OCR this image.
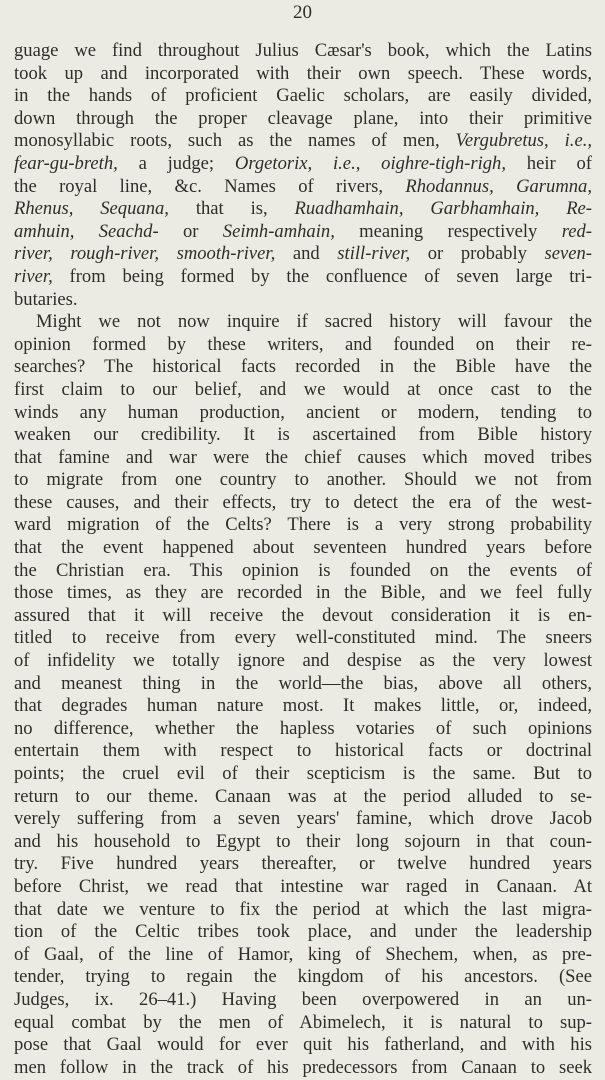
20
guage we find throughout Julius Cæsar's book, which the Latins
took up and incorporated with their own speech. These words,
in the hands of proficient Gaelic scholars, are easily divided,
down through the proper cleavage plane, into their primitive
monosyllabic roots, such as the names of men, Vergubretus, i.e.,
fear-gu-breth, a judge; Orgetorix, i.e., oighre-tigh-righ, heir of
the royal line, &c. Names of rivers, Rhodannus, Garumna,
Rhenus, Sequana, that is, Ruadhamhain, Garbhamhain, Re-
amhuin, Seachd- or Seimh-amhain, meaning respectively red-
river, rough-river, smooth-river, and still-river, or probably seven-
river, from being formed by the confluence of seven large tri-
butaries.
Might we not now inquire if sacred history will favour the
opinion formed by these writers, and founded on their re-
searches? The historical facts recorded in the Bible have the
first claim to our belief, and we would at once cast to the
winds any human production, ancient or modern, tending to
weaken our credibility. It is ascertained from Bible history
that famine and war were the chief causes which moved tribes
to migrate from one country to another. Should we not from
these causes, and their effects, try to detect the era of the west-
ward migration of the Celts? There is a very strong probability
that the event happened about seventeen hundred years before
the Christian era. This opinion is founded on the events of
those times, as they are recorded in the Bible, and we feel fully
assured that it will receive the devout consideration it is en-
titled to receive from every well-constituted mind. The sneers
of infidelity we totally ignore and despise as the very lowest
and meanest thing in the world—the bias, above all others,
that degrades human nature most. It makes little, or, indeed,
no difference, whether the hapless votaries of such opinions
entertain them with respect to historical facts or doctrinal
points; the cruel evil of their scepticism is the same. But to
return to our theme. Canaan was at the period alluded to se-
verely suffering from a seven years' famine, which drove Jacob
and his household to Egypt to their long sojourn in that coun-
try. Five hundred years thereafter, or twelve hundred years
before Christ, we read that intestine war raged in Canaan. At
that date we venture to fix the period at which the last migra-
tion of the Celtic tribes took place, and under the leadership
of Gaal, of the line of Hamor, king of Shechem, when, as pre-
tender, trying to regain the kingdom of his ancestors. (See
Judges, ix. 26–41.) Having been overpowered in an un-
equal combat by the men of Abimelech, it is natural to sup-
pose that Gaal would for ever quit his fatherland, and with his
men follow in the track of his predecessors from Canaan to seek
